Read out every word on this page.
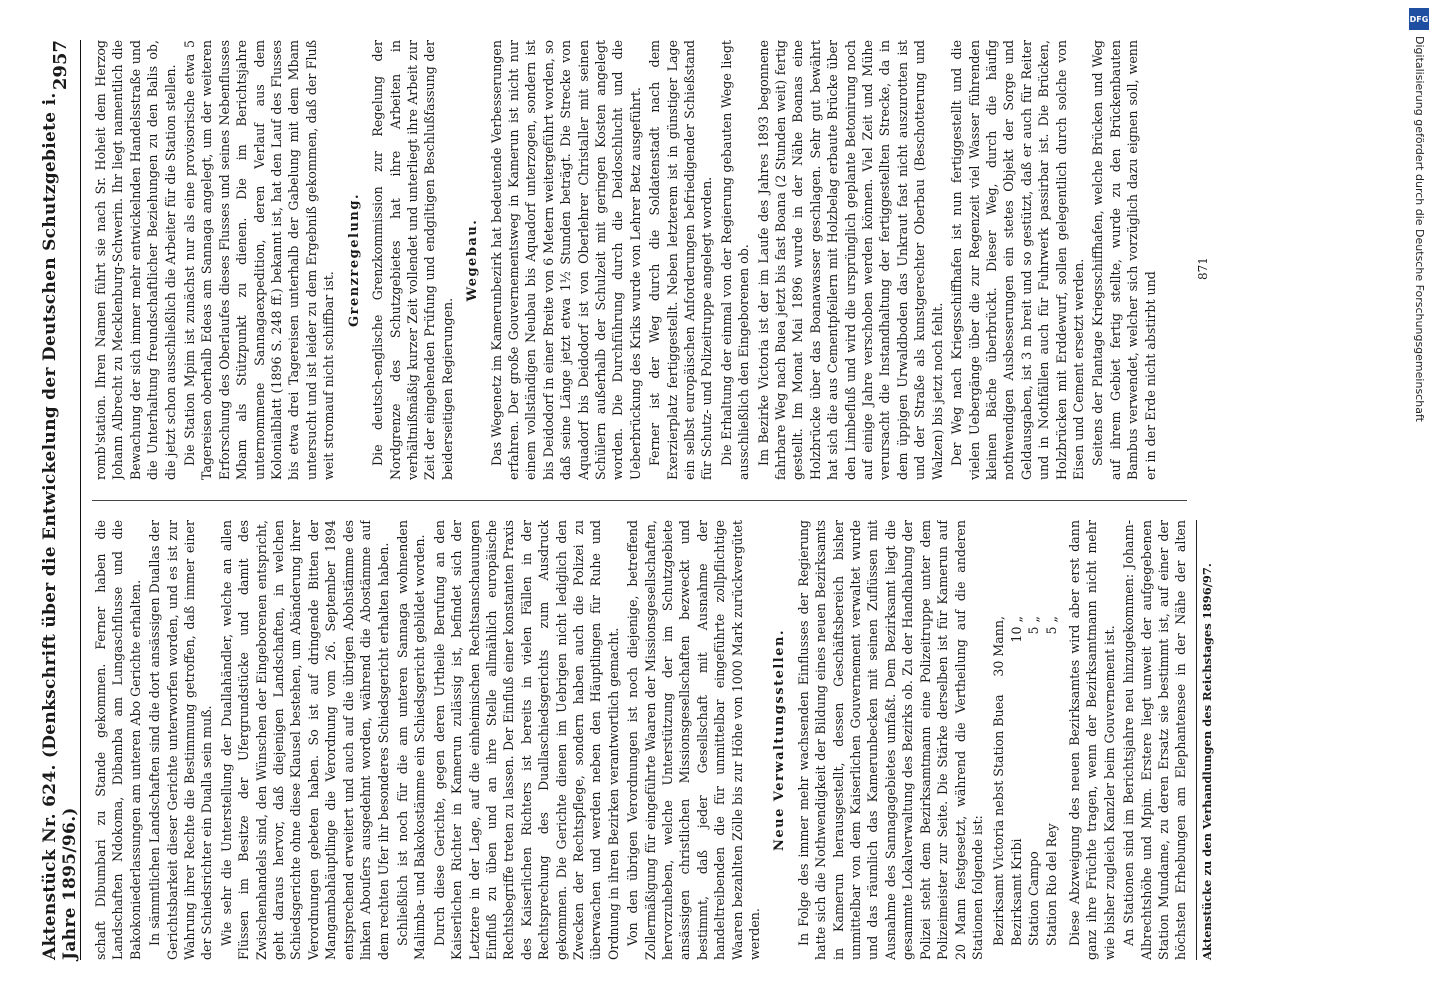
Aktenstück Nr. 624. (Denkschrift über die Entwickelung der Deutschen Schutzgebiete i. Jahre 1895/96.)
2957

schaft Dibumbari zu Stande gekommen. Ferner haben die Landschaften Ndokoma, Dibamba am Lungaschflusse und die Bakokoniederlassungen am unteren Abo Gerichte erhalten. In sämmtlichen Landschaften sind die dort ansässigen Duallas der Gerichtsbarkeit dieser Gerichte unterworfen worden, und es ist zur Wahrung ihrer Rechte die Bestimmung getroffen, daß immer einer der Schiedsrichter ein Dualla sein muß. Wie sehr die Unterstellung der Duallahändler, welche an allen Flüssen im Besitze der Ufergrundstücke und damit des Zwischenhandels sind, den Wünschen der Eingeborenen entspricht, geht daraus hervor, daß diejenigen Landschaften, in welchen Schiedsgerichte ohne diese Klausel bestehen, um Abänderung ihrer Verordnungen gebeten haben. So ist auf dringende Bitten der Mangambahäuptlinge die Verordnung vom 26. September 1894 entsprechend erweitert und auch auf die übrigen Abohstämme des linken Abouſers ausgedehnt worden, während die Abostämme auf dem rechten Ufer ihr besonderes Schiedsgericht erhalten haben. Schließlich ist noch für die am unteren Sannaga wohnenden Malimba- und Bakokostämme ein Schiedsgericht gebildet worden. Durch diese Gerichte, gegen deren Urtheile Berufung an den Kaiserlichen Richter in Kamerun zulässig ist, befindet sich der Letztere in der Lage, auf die einheimischen Rechtsanschauungen Einfluß zu üben und an ihre Stelle allmählich europäische Rechtsbegriffe treten zu lassen. Der Einfluß einer konstanten Praxis des Kaiserlichen Richters ist bereits in vielen Fällen in der Rechtsprechung des Duallaschiedsgerichts zum Ausdruck gekommen. Die Gerichte dienen im Uebrigen nicht lediglich den Zwecken der Rechtspflege, sondern haben auch die Polizei zu überwachen und werden neben den Häuptlingen für Ruhe und Ordnung in ihren Bezirken verantwortlich gemacht. Von den übrigen Verordnungen ist noch diejenige, betreffend Zollermäßigung für eingeführte Waaren der Missionsgesellschaften, hervorzuheben, welche Unterstützung der im Schutzgebiete ansässigen christlichen Missionsgesellschaften bezweckt und bestimmt, daß jeder Gesellschaft mit Ausnahme der handeltreibenden die für unmittelbar eingeführte zollpflichtige Waaren bezahlten Zölle bis zur Höhe von 1000 Mark zurückvergütet werden.

Neue Verwaltungsstellen. In Folge des immer mehr wachsenden Einflusses der Regierung hatte sich die Nothwendigkeit der Bildung eines neuen Bezirksamts in Kamerun herausgestellt, dessen Geschäftsbereich bisher unmittelbar von dem Kaiserlichen Gouvernement verwaltet wurde und das räumlich das Kamerunbecken mit seinen Zuflüssen mit Ausnahme des Sannagagebietes umfaßt. Dem Bezirksamt liegt die gesammte Lokalverwaltung des Bezirks ob. Zu der Handhabung der Polizei steht dem Bezirksamtmann eine Polizeitruppe unter dem Polizeimeister zur Seite. Die Stärke derselben ist für Kamerun auf 20 Mann festgesetzt, während die Vertheilung auf die anderen Stationen folgende ist: Bezirksamt Victoria nebst Station Buea
30 Mann,
Bezirksamt Kribi
10 „
Station Campo
5 „
Station Rio del Rey
5 „ Diese Abzweigung des neuen Bezirksamtes wird aber erst dann ganz ihre Früchte tragen, wenn der Bezirksamtmann nicht mehr wie bisher zugleich Kanzler beim Gouvernement ist. An Stationen sind im Berichtsjahre neu hinzugekommen: Johann-Albrechtshöhe und Mpim. Erstere liegt unweit der aufgegebenen Station Mundame, zu deren Ersatz sie bestimmt ist, auf einer der höchsten Erhebungen am Elephantensee in der Nähe der alten

romb'station. Ihren Namen führt sie nach Sr. Hoheit dem Herzog Johann Albrecht zu Mecklenburg-Schwerin. Ihr liegt namentlich die Bewachung der sich immer mehr entwickelnden Handelsstraße und die Unterhaltung freundschaftlicher Beziehungen zu den Balis ob, die jetzt schon ausschließlich die Arbeiter für die Station stellen. Die Station Mpim ist zunächst nur als eine provisorische etwa 5 Tagereisen oberhalb Edeas am Sannaga angelegt, um der weiteren Erforschung des Oberlaufes dieses Flusses und seines Nebenflusses Mbam als Stützpunkt zu dienen. Die im Berichtsjahre unternommene Sannagaexpedition, deren Verlauf aus dem Kolonialblatt (1896 S. 248 ff.) bekannt ist, hat den Lauf des Flusses bis etwa drei Tagereisen unterhalb der Gabelung mit dem Mbam untersucht und ist leider zu dem Ergebniß gekommen, daß der Fluß weit stromauf nicht schiffbar ist.

Grenzregelung. Die deutsch-englische Grenzkommission zur Regelung der Nordgrenze des Schutzgebietes hat ihre Arbeiten in verhältnißmäßig kurzer Zeit vollendet und unterliegt ihre Arbeit zur Zeit der eingehenden Prüfung und endgiltigen Beschlußfassung der beiderseitigen Regierungen.

Wegebau. Das Wegenetz im Kamerunbezirk hat bedeutende Verbesserungen erfahren. Der große Gouvernementsweg in Kamerun ist nicht nur einem vollständigen Neubau bis Aquadorf unterzogen, sondern ist bis Deidodorf in einer Breite von 6 Metern weitergeführt worden, so daß seine Länge jetzt etwa 1½ Stunden beträgt. Die Strecke von Aquadorf bis Deidodorf ist von Oberlehrer Christaller mit seinen Schülern außerhalb der Schulzeit mit geringen Kosten angelegt worden. Die Durchführung durch die Deidoschlucht und die Ueberbrückung des Kriks wurde von Lehrer Betz ausgeführt. Ferner ist der Weg durch die Soldatenstadt nach dem Exerzierplatz fertiggestellt. Neben letzterem ist in günstiger Lage ein selbst europäischen Anforderungen befriedigender Schießstand für Schutz- und Polizeitruppe angelegt worden. Die Erhaltung der einmal von der Regierung gebauten Wege liegt ausschließlich den Eingeborenen ob. Im Bezirke Victoria ist der im Laufe des Jahres 1893 begonnene fahrbare Weg nach Buea jetzt bis fast Boana (2 Stunden weit) fertig gestellt. Im Monat Mai 1896 wurde in der Nähe Boanas eine Holzbrücke über das Boanawasser geschlagen. Sehr gut bewährt hat sich die aus Cementpfeilern mit Holzbelag erbaute Brücke über den Limbefluß und wird die ursprünglich geplante Betonirung noch auf einige Jahre verschoben werden können. Viel Zeit und Mühe verursacht die Instandhaltung der fertiggestellten Strecke, da in dem üppigen Urwaldboden das Unkraut fast nicht auszurotten ist und der Straße als kunstgerechter Oberbau (Beschotterung und Walzen) bis jetzt noch fehlt. Der Weg nach Kriegsschiffhafen ist nun fertiggestellt und die vielen Uebergänge über die zur Regenzeit viel Wasser führenden kleinen Bäche überbrückt. Dieser Weg, durch die häufig nothwendigen Ausbesserungen ein stetes Objekt der Sorge und Geldausgaben, ist 3 m breit und so gestützt, daß er auch für Reiter und in Nothfällen auch für Fuhrwerk passirbar ist. Die Brücken, Holzbrücken mit Erddewurf, sollen gelegentlich durch solche von Eisen und Cement ersetzt werden. Seitens der Plantage Kriegsschiffhafen, welche Brücken und Weg auf ihrem Gebiet fertig stellte, wurde zu den Brückenbauten Bambus verwendet, welcher sich vorzüglich dazu eignen soll, wenn er in der Erde nicht abstirbt und

Aktenstücke zu den Verhandlungen des Reichstages 1896/97.
871
DFG
Digitalisierung gefördert durch die Deutsche Forschungsgemeinschaft
